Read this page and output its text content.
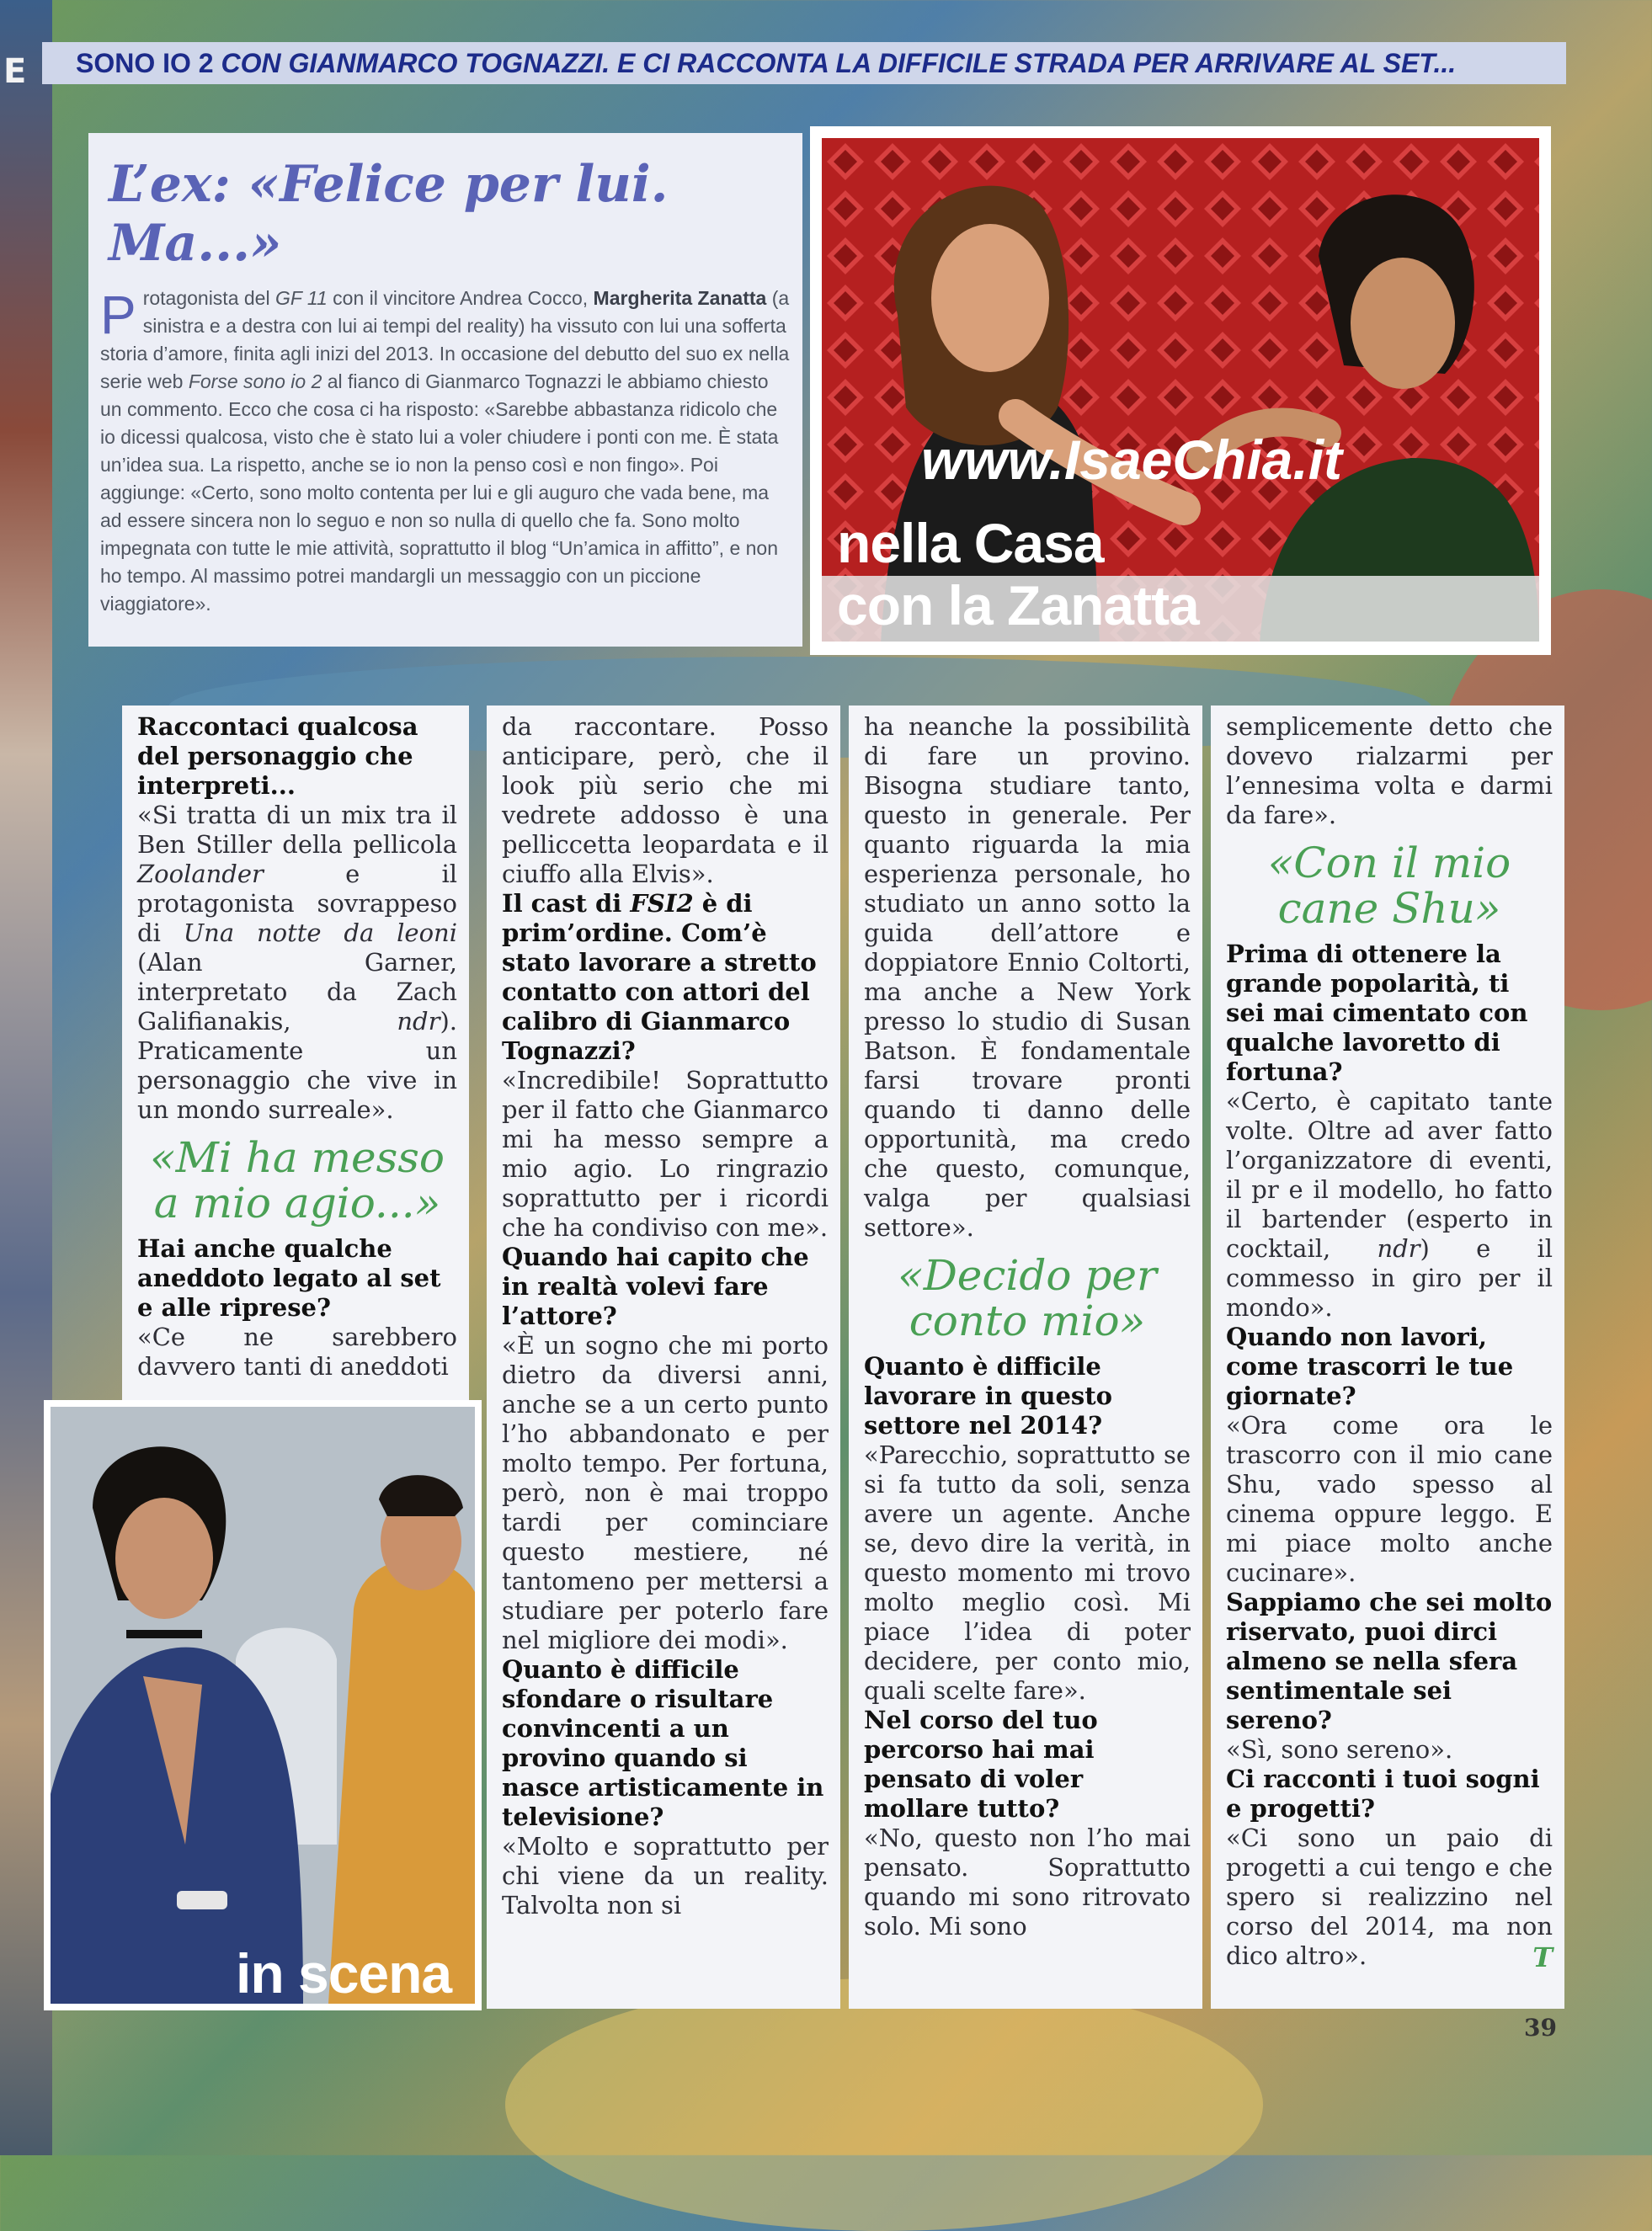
E	SONO IO 2 CON GIANMARCO TOGNAZZI. E CI RACCONTA LA DIFFICILE STRADA PER ARRIVARE AL SET...
L’ex: «Felice per lui. Ma...»
Protagonista del GF 11 con il vincitore Andrea Cocco, Margherita Zanatta (a sinistra e a destra con lui ai tempi del reality) ha vissuto con lui una sofferta storia d’amore, finita agli inizi del 2013. In occasione del debutto del suo ex nella serie web Forse sono io 2 al fianco di Gianmarco Tognazzi le abbiamo chiesto un commento. Ecco che cosa ci ha risposto: «Sarebbe abbastanza ridicolo che io dicessi qualcosa, visto che è stato lui a voler chiudere i ponti con me. È stata un’idea sua. La rispetto, anche se io non la penso così e non fingo». Poi aggiunge: «Certo, sono molto contenta per lui e gli auguro che vada bene, ma ad essere sincera non lo seguo e non so nulla di quello che fa. Sono molto impegnata con tutte le mie attività, soprattutto il blog “Un’amica in affitto”, e non ho tempo. Al massimo potrei mandargli un messaggio con un piccione viaggiatore».
www.IsaeChia.it
nella Casa
con la Zanatta

Raccontaci qualcosa del personaggio che interpreti...

«Si tratta di un mix tra il Ben Stiller della pellicola Zoolander e il protagonista sovrappeso di Una notte da leoni (Alan Garner, interpretato da Zach Galifianakis, ndr). Praticamente un personaggio che vive in un mondo surreale».

«Mi ha messo a mio agio...»

Hai anche qualche aneddoto legato al set e alle riprese?

«Ce ne sarebbero davvero tanti di aneddoti

da raccontare. Posso anticipare, però, che il look più serio che mi vedrete addosso è una pelliccetta leopardata e il ciuffo alla Elvis».

Il cast di FSI2 è di prim’ordine. Com’è stato lavorare a stretto contatto con attori del calibro di Gianmarco Tognazzi?

«Incredibile! Soprattutto per il fatto che Gianmarco mi ha messo sempre a mio agio. Lo ringrazio soprattutto per i ricordi che ha condiviso con me».

Quando hai capito che in realtà volevi fare l’attore?

«È un sogno che mi porto dietro da diversi anni, anche se a un certo punto l’ho abbandonato e per molto tempo. Per fortuna, però, non è mai troppo tardi per cominciare questo mestiere, né tantomeno per mettersi a studiare per poterlo fare nel migliore dei modi».

Quanto è difficile sfondare o risultare convincenti a un provino quando si nasce artisticamente in televisione?

«Molto e soprattutto per chi viene da un reality. Talvolta non si

ha neanche la possibilità di fare un provino. Bisogna studiare tanto, questo in generale. Per quanto riguarda la mia esperienza personale, ho studiato un anno sotto la guida dell’attore e doppiatore Ennio Coltorti, ma anche a New York presso lo studio di Susan Batson. È fondamentale farsi trovare pronti quando ti danno delle opportunità, ma credo che questo, comunque, valga per qualsiasi settore».

«Decido per conto mio»

Quanto è difficile lavorare in questo settore nel 2014?

«Parecchio, soprattutto se si fa tutto da soli, senza avere un agente. Anche se, devo dire la verità, in questo momento mi trovo molto meglio così. Mi piace l’idea di poter decidere, per conto mio, quali scelte fare».

Nel corso del tuo percorso hai mai pensato di voler mollare tutto?

«No, questo non l’ho mai pensato. Soprattutto quando mi sono ritrovato solo. Mi sono

semplicemente detto che dovevo rialzarmi per l’ennesima volta e darmi da fare».

«Con il mio cane Shu»

Prima di ottenere la grande popolarità, ti sei mai cimentato con qualche lavoretto di fortuna?

«Certo, è capitato tante volte. Oltre ad aver fatto l’organizzatore di eventi, il pr e il modello, ho fatto il bartender (esperto in cocktail, ndr) e il commesso in giro per il mondo».

Quando non lavori, come trascorri le tue giornate?

«Ora come ora le trascorro con il mio cane Shu, vado spesso al cinema oppure leggo. E mi piace molto anche cucinare».

Sappiamo che sei molto riservato, puoi dirci almeno se nella sfera sentimentale sei sereno?

«Sì, sono sereno».

Ci racconti i tuoi sogni e progetti?

«Ci sono un paio di progetti a cui tengo e che spero si realizzino nel corso del 2014, ma non dico altro».	T

in scena
39
